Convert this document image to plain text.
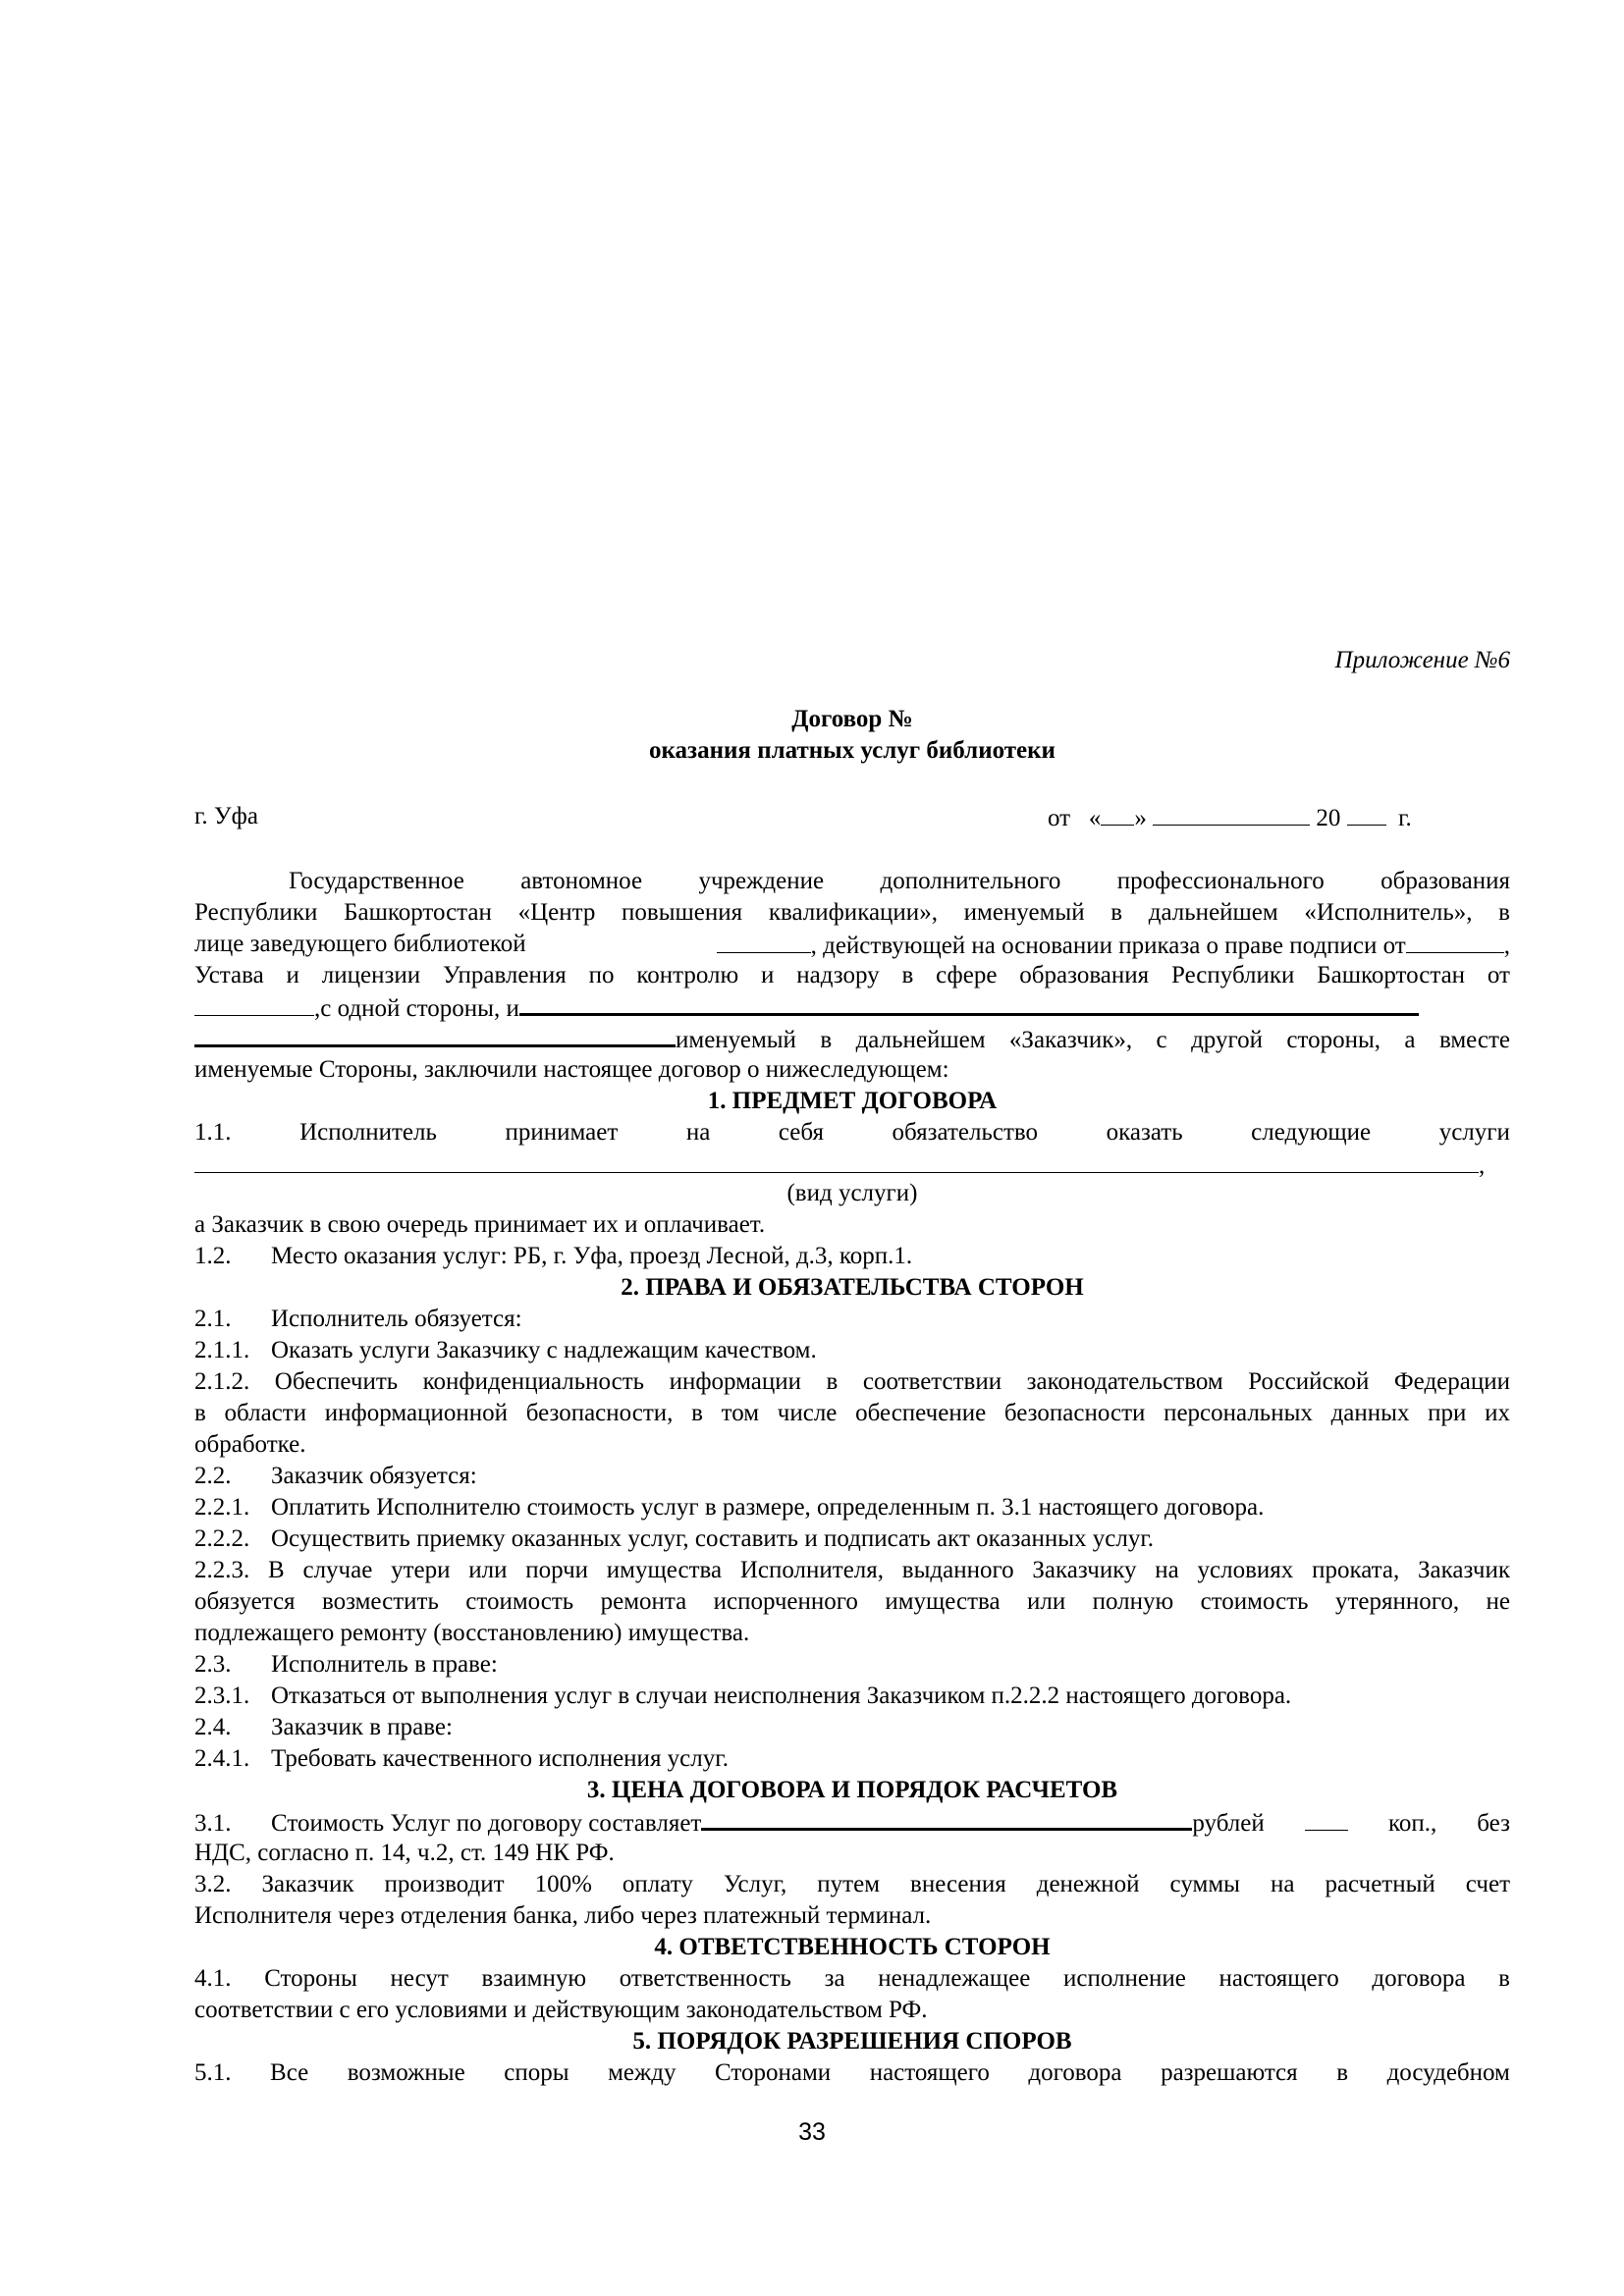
Приложение №6
Договор №
оказания платных услуг библиотеки
г. Уфа	от « »	20 г.
Государственное автономное учреждение дополнительного профессионального образования
Республики Башкортостан «Центр повышения квалификации», именуемый в дальнейшем «Исполнитель», в
лице заведующего библиотекой	, действующей на основании приказа о праве подписи от	,
Устава и лицензии Управления по контролю и надзору в сфере образования Республики Башкортостан от
,с одной стороны, и
именуемый в дальнейшем «Заказчик», с другой стороны, а вместе
именуемые Стороны, заключили настоящее договор о нижеследующем:
1. ПРЕДМЕТ ДОГОВОРА
1.1.	Исполнитель	принимает	на	себя	обязательство	оказать	следующие	услуги
,
(вид услуги)
а Заказчик в свою очередь принимает их и оплачивает.
1.2. Место оказания услуг: РБ, г. Уфа, проезд Лесной, д.3, корп.1.
2. ПРАВА И ОБЯЗАТЕЛЬСТВА СТОРОН
2.1. Исполнитель обязуется:
2.1.1. Оказать услуги Заказчику с надлежащим качеством.
2.1.2. Обеспечить конфиденциальность информации в соответствии законодательством Российской Федерации
в области информационной безопасности, в том числе обеспечение безопасности персональных данных при их
обработке.
2.2. Заказчик обязуется:
2.2.1. Оплатить Исполнителю стоимость услуг в размере, определенным п. 3.1 настоящего договора.
2.2.2. Осуществить приемку оказанных услуг, составить и подписать акт оказанных услуг.
2.2.3. В случае утери или порчи имущества Исполнителя, выданного Заказчику на условиях проката, Заказчик
обязуется возместить стоимость ремонта испорченного имущества или полную стоимость утерянного, не
подлежащего ремонту (восстановлению) имущества.
2.3. Исполнитель в праве:
2.3.1. Отказаться от выполнения услуг в случаи неисполнения Заказчиком п.2.2.2 настоящего договора.
2.4. Заказчик в праве:
2.4.1. Требовать качественного исполнения услуг.
3. ЦЕНА ДОГОВОРА И ПОРЯДОК РАСЧЕТОВ
3.1. Стоимость Услуг по договору составляет	рублей	коп., без
НДС, согласно п. 14, ч.2, ст. 149 НК РФ.
3.2. Заказчик производит 100% оплату Услуг, путем внесения денежной суммы на расчетный счет
Исполнителя через отделения банка, либо через платежный терминал.
4. ОТВЕТСТВЕННОСТЬ СТОРОН
4.1. Стороны несут взаимную ответственность за ненадлежащее исполнение настоящего договора в
соответствии с его условиями и действующим законодательством РФ.
5. ПОРЯДОК РАЗРЕШЕНИЯ СПОРОВ
5.1. Все возможные споры между Сторонами настоящего договора разрешаются в досудебном
33
